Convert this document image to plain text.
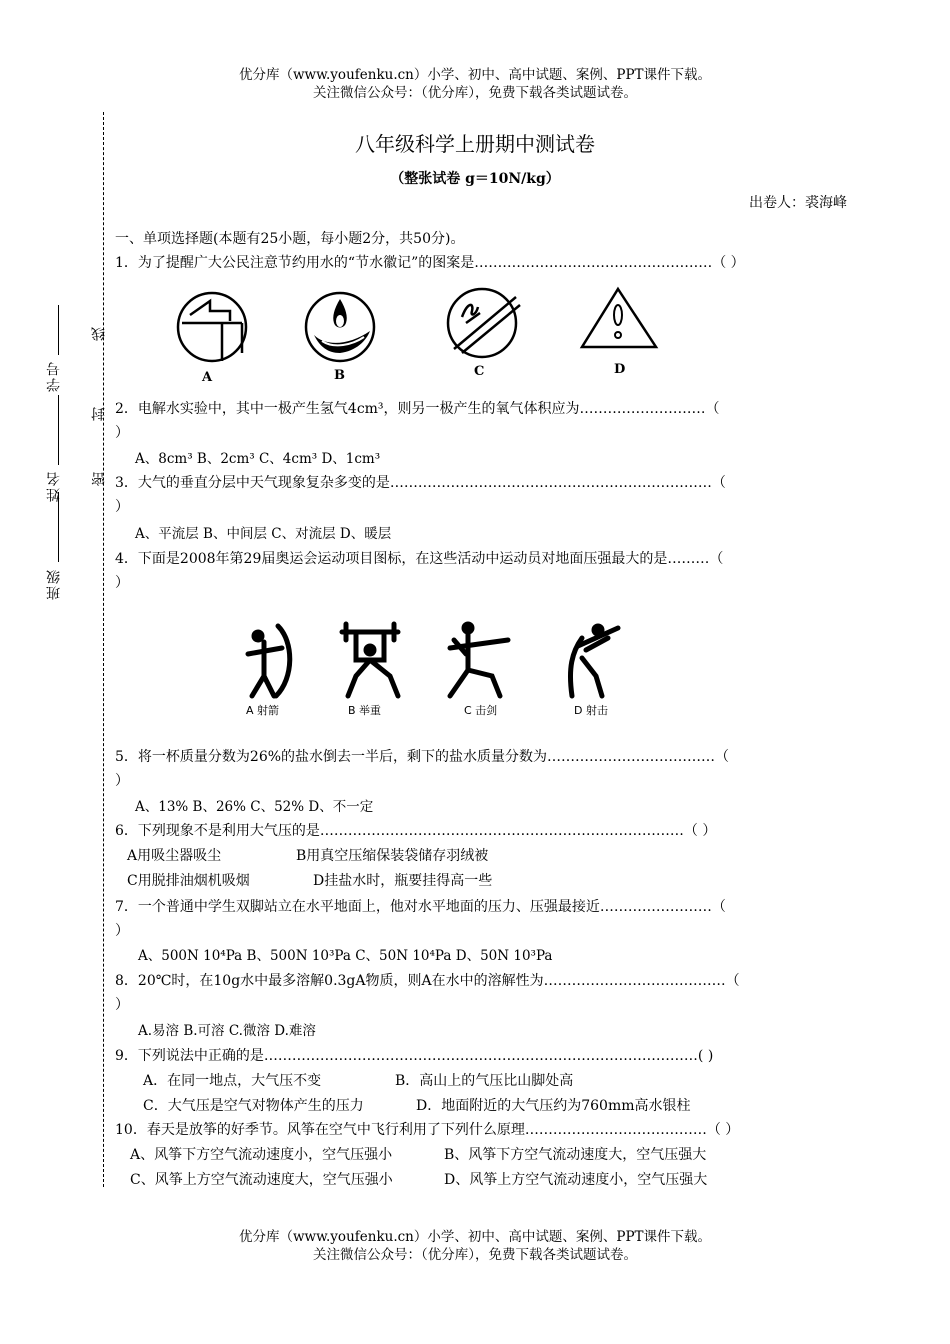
优分库（www.youfenku.cn）小学、初中、高中试题、案例、PPT课件下载。
关注微信公众号：（优分库），免费下载各类试题试卷。
班级
姓名
学号
线
封
密
八年级科学上册期中测试卷
（整张试卷 g＝10N/kg）
出卷人：裘海峰
一、单项选择题(本题有25小题，每小题2分，共50分)。
1．为了提醒广大公民注意节约用水的“节水徽记”的图案是……………………………………………（ ）
A	B	C	D
2．电解水实验中，其中一极产生氢气4cm³，则另一极产生的氧气体积应为………………………（
）
A、8cm³ B、2cm³ C、4cm³ D、1cm³
3．大气的垂直分层中天气现象复杂多变的是……………………………………………………………（
）
A、平流层 B、中间层 C、对流层 D、暖层
4．下面是2008年第29届奥运会运动项目图标，在这些活动中运动员对地面压强最大的是………（
）
A 射箭	B 举重	C 击剑	D 射击
5．将一杯质量分数为26%的盐水倒去一半后，剩下的盐水质量分数为………………………………（
）
A、13% B、26% C、52% D、不一定
6．下列现象不是利用大气压的是……………………………………………………………………（ ）
A用吸尘器吸尘	B用真空压缩保装袋储存羽绒被
C用脱排油烟机吸烟	D挂盐水时，瓶要挂得高一些
7．一个普通中学生双脚站立在水平地面上，他对水平地面的压力、压强最接近……………………（
）
A、500N 10⁴Pa B、500N 10³Pa C、50N 10⁴Pa D、50N 10³Pa
8．20℃时，在10g水中最多溶解0.3gA物质，则A在水中的溶解性为…………………………………（
）
A.易溶 B.可溶 C.微溶 D.难溶
9．下列说法中正确的是…………………………………………………………………………………( )
A．在同一地点，大气压不变	B．高山上的气压比山脚处高
C．大气压是空气对物体产生的压力	D．地面附近的大气压约为760mm高水银柱
10．春天是放筝的好季节。风筝在空气中飞行利用了下列什么原理…………………………………（ ）
A、风筝下方空气流动速度小，空气压强小	B、风筝下方空气流动速度大，空气压强大
C、风筝上方空气流动速度大，空气压强小	D、风筝上方空气流动速度小，空气压强大
优分库（www.youfenku.cn）小学、初中、高中试题、案例、PPT课件下载。
关注微信公众号：（优分库），免费下载各类试题试卷。
